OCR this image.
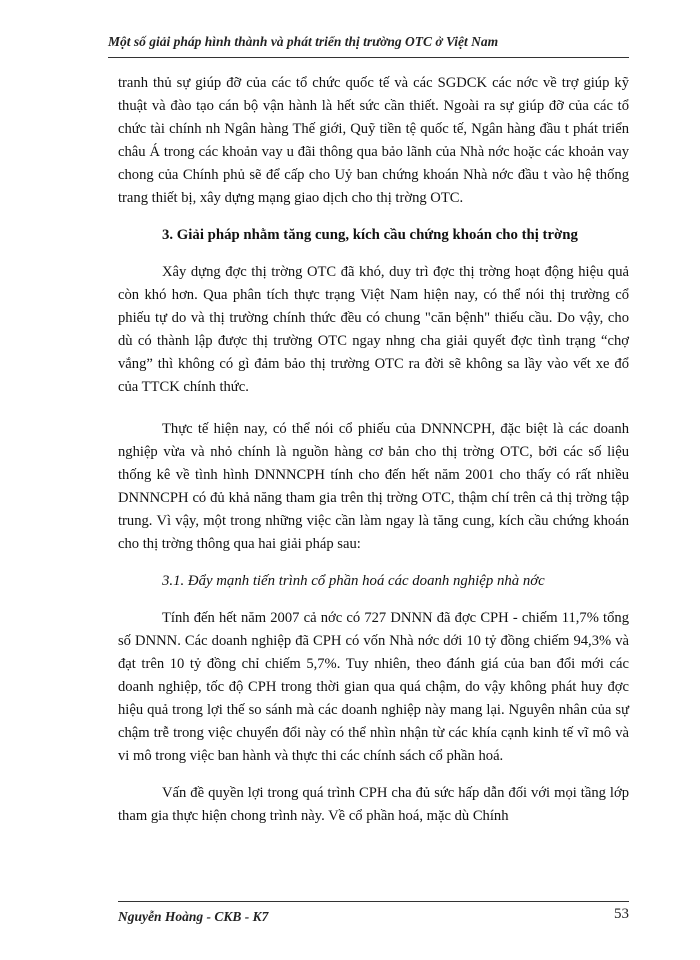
Một số giải pháp hình thành và phát triển thị trường OTC ở Việt Nam

tranh thủ sự giúp đỡ của các tổ chức quốc tế và các SGDCK các nớc về trợ giúp kỹ thuật và đào tạo cán bộ vận hành là hết sức cần thiết. Ngoài ra sự giúp đỡ của các tổ chức tài chính nh Ngân hàng Thế giới, Quỹ tiền tệ quốc tế, Ngân hàng đầu t phát triển châu Á trong các khoản vay u đãi thông qua bảo lãnh của Nhà nớc hoặc các khoản vay chong của Chính phủ sẽ để cấp cho Uỷ ban chứng khoán Nhà nớc đầu t vào hệ thống trang thiết bị, xây dựng mạng giao dịch cho thị trờng OTC.

3. Giải pháp nhằm tăng cung, kích cầu chứng khoán cho thị trờng

Xây dựng đợc thị trờng OTC đã khó, duy trì đợc thị trờng hoạt động hiệu quả còn khó hơn. Qua phân tích thực trạng Việt Nam hiện nay, có thể nói thị trường cổ phiếu tự do và thị trường chính thức đều có chung "căn bệnh" thiếu cầu. Do vậy, cho dù có thành lập được thị trường OTC ngay nhng cha giải quyết đợc tình trạng “chợ vắng” thì không có gì đảm bảo thị trường OTC ra đời sẽ không sa lầy vào vết xe đổ của TTCK chính thức.

Thực tế hiện nay, có thể nói cổ phiếu của DNNNCPH, đặc biệt là các doanh nghiệp vừa và nhỏ chính là nguồn hàng cơ bản cho thị trờng OTC, bởi các số liệu thống kê về tình hình DNNNCPH tính cho đến hết năm 2001 cho thấy có rất nhiều DNNNCPH có đủ khả năng tham gia trên thị trờng OTC, thậm chí trên cả thị trờng tập trung. Vì vậy, một trong những việc cần làm ngay là tăng cung, kích cầu chứng khoán cho thị trờng thông qua hai giải pháp sau:

3.1. Đẩy mạnh tiến trình cổ phần hoá các doanh nghiệp nhà nớc

Tính đến hết năm 2007 cả nớc có 727 DNNN đã đợc CPH - chiếm 11,7% tổng số DNNN. Các doanh nghiệp đã CPH có vốn Nhà nớc dới 10 tỷ đồng chiếm 94,3% và đạt trên 10 tỷ đồng chỉ chiếm 5,7%. Tuy nhiên, theo đánh giá của ban đổi mới các doanh nghiệp, tốc độ CPH trong thời gian qua quá chậm, do vậy không phát huy đợc hiệu quả trong lợi thế so sánh mà các doanh nghiệp này mang lại. Nguyên nhân của sự chậm trễ trong việc chuyển đổi này có thể nhìn nhận từ các khía cạnh kinh tế vĩ mô và vi mô trong việc ban hành và thực thi các chính sách cổ phần hoá.

Vấn đề quyền lợi trong quá trình CPH cha đủ sức hấp dẫn đối với mọi tầng lớp tham gia thực hiện chong trình này. Về cổ phần hoá, mặc dù Chính

Nguyễn Hoàng - CKB - K7	53
